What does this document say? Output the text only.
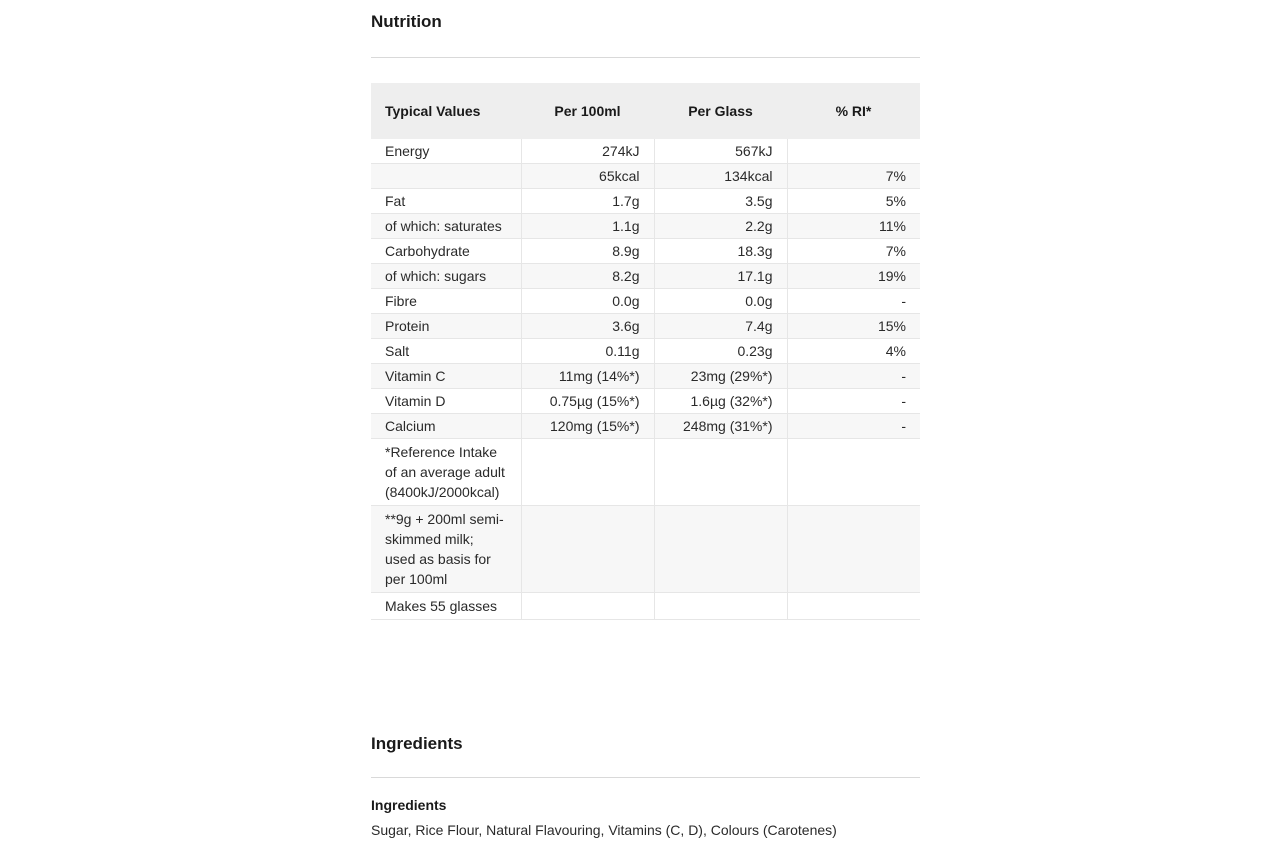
Nutrition
Typical Values	Per 100ml	Per Glass	% RI*
Energy	274kJ	567kJ	
	65kcal	134kcal	7%
Fat	1.7g	3.5g	5%
of which: saturates	1.1g	2.2g	11%
Carbohydrate	8.9g	18.3g	7%
of which: sugars	8.2g	17.1g	19%
Fibre	0.0g	0.0g	-
Protein	3.6g	7.4g	15%
Salt	0.11g	0.23g	4%
Vitamin C	11mg (14%*)	23mg (29%*)	-
Vitamin D	0.75µg (15%*)	1.6µg (32%*)	-
Calcium	120mg (15%*)	248mg (31%*)	-
*Reference Intake of an average adult (8400kJ/2000kcal)			
**9g + 200ml semi-skimmed milk; used as basis for per 100ml			
Makes 55 glasses			
Ingredients
Ingredients
Sugar, Rice Flour, Natural Flavouring, Vitamins (C, D), Colours (Carotenes)
